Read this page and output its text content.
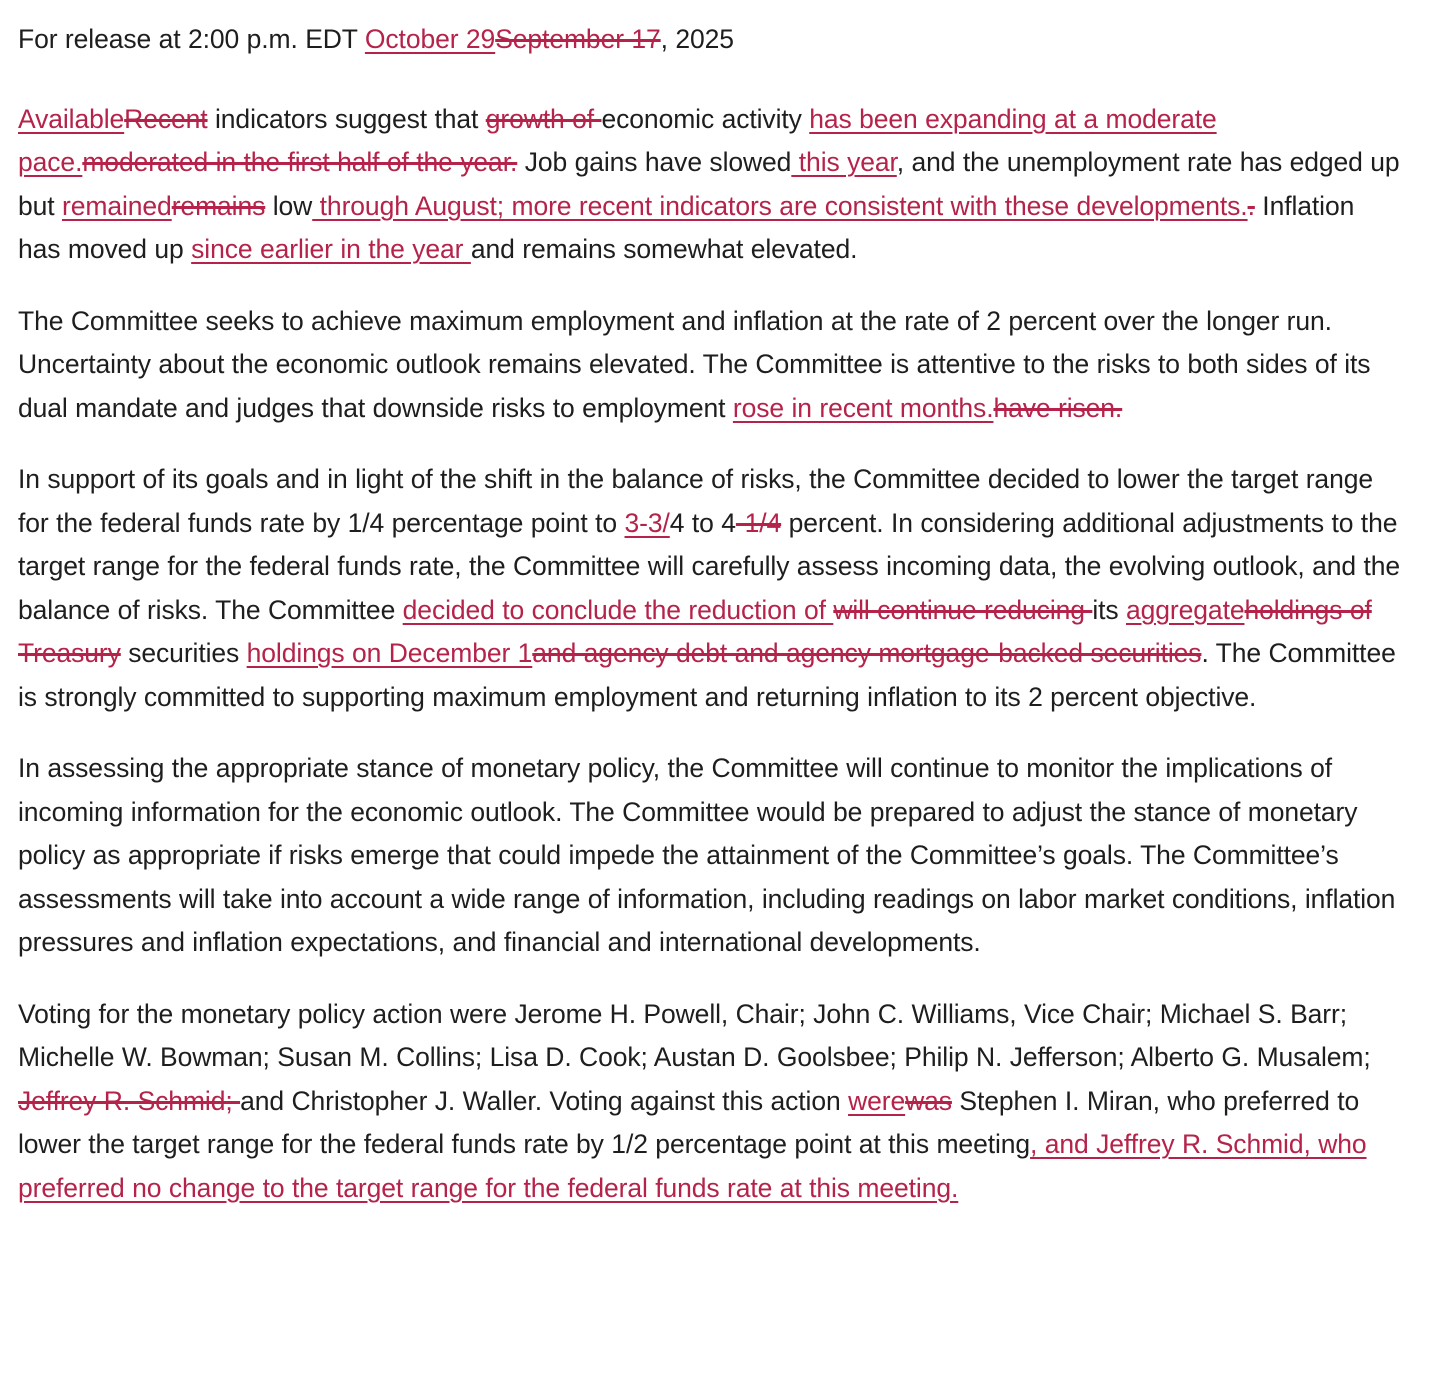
For release at 2:00 p.m. EDT October 29September 17, 2025

AvailableRecent indicators suggest that growth of economic activity has been expanding at a moderate pace.moderated in the first half of the year. Job gains have slowed this year, and the unemployment rate has edged up but remainedremains low through August; more recent indicators are consistent with these developments.. Inflation has moved up since earlier in the year and remains somewhat elevated.

The Committee seeks to achieve maximum employment and inflation at the rate of 2 percent over the longer run. Uncertainty about the economic outlook remains elevated. The Committee is attentive to the risks to both sides of its dual mandate and judges that downside risks to employment rose in recent months.have risen.

In support of its goals and in light of the shift in the balance of risks, the Committee decided to lower the target range for the federal funds rate by 1/4 percentage point to 3-3/4 to 4-1/4 percent. In considering additional adjustments to the target range for the federal funds rate, the Committee will carefully assess incoming data, the evolving outlook, and the balance of risks. The Committee decided to conclude the reduction of will continue reducing its aggregateholdings of Treasury securities holdings on December 1and agency debt and agency mortgage-backed securities. The Committee is strongly committed to supporting maximum employment and returning inflation to its 2 percent objective.

In assessing the appropriate stance of monetary policy, the Committee will continue to monitor the implications of incoming information for the economic outlook. The Committee would be prepared to adjust the stance of monetary policy as appropriate if risks emerge that could impede the attainment of the Committee’s goals. The Committee’s assessments will take into account a wide range of information, including readings on labor market conditions, inflation pressures and inflation expectations, and financial and international developments.

Voting for the monetary policy action were Jerome H. Powell, Chair; John C. Williams, Vice Chair; Michael S. Barr; Michelle W. Bowman; Susan M. Collins; Lisa D. Cook; Austan D. Goolsbee; Philip N. Jefferson; Alberto G. Musalem; Jeffrey R. Schmid; and Christopher J. Waller. Voting against this action werewas Stephen I. Miran, who preferred to lower the target range for the federal funds rate by 1/2 percentage point at this meeting, and Jeffrey R. Schmid, who preferred no change to the target range for the federal funds rate at this meeting.
